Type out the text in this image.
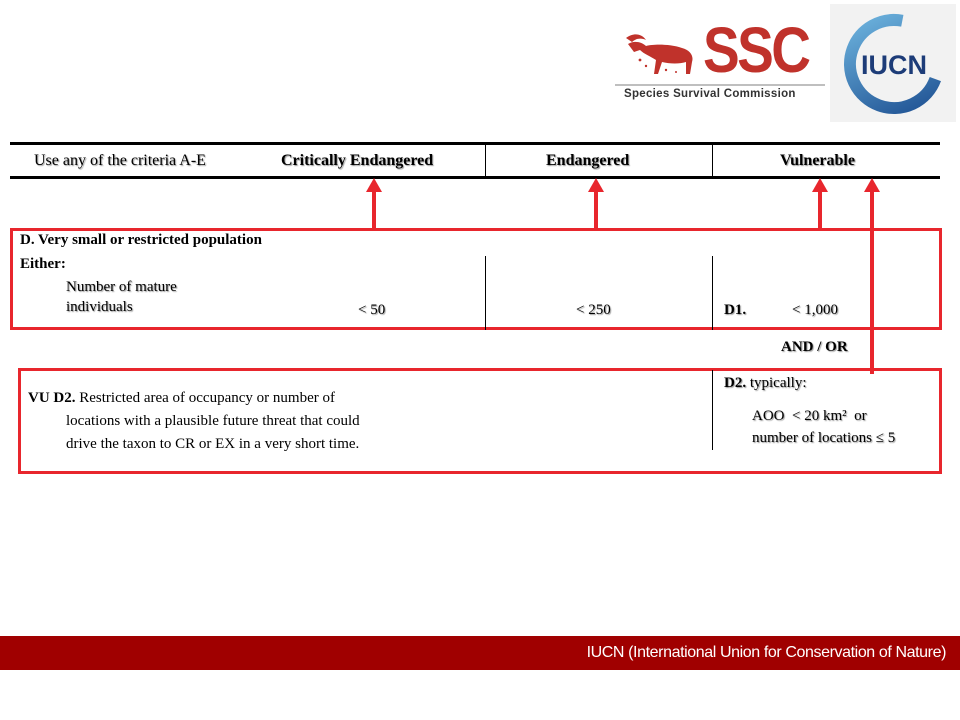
SSC
Species Survival Commission
IUCN
Use any of the criteria A-E	Critically Endangered	Endangered	Vulnerable
D. Very small or restricted population
Either:
Number of mature
individuals	< 50	< 250	D1.	< 1,000
AND / OR
VU D2. Restricted area of occupancy or number of
locations with a plausible future threat that could
drive the taxon to CR or EX in a very short time.
D2. typically:
AOO  < 20 km²  or
number of locations ≤ 5
IUCN (International Union for Conservation of Nature)
